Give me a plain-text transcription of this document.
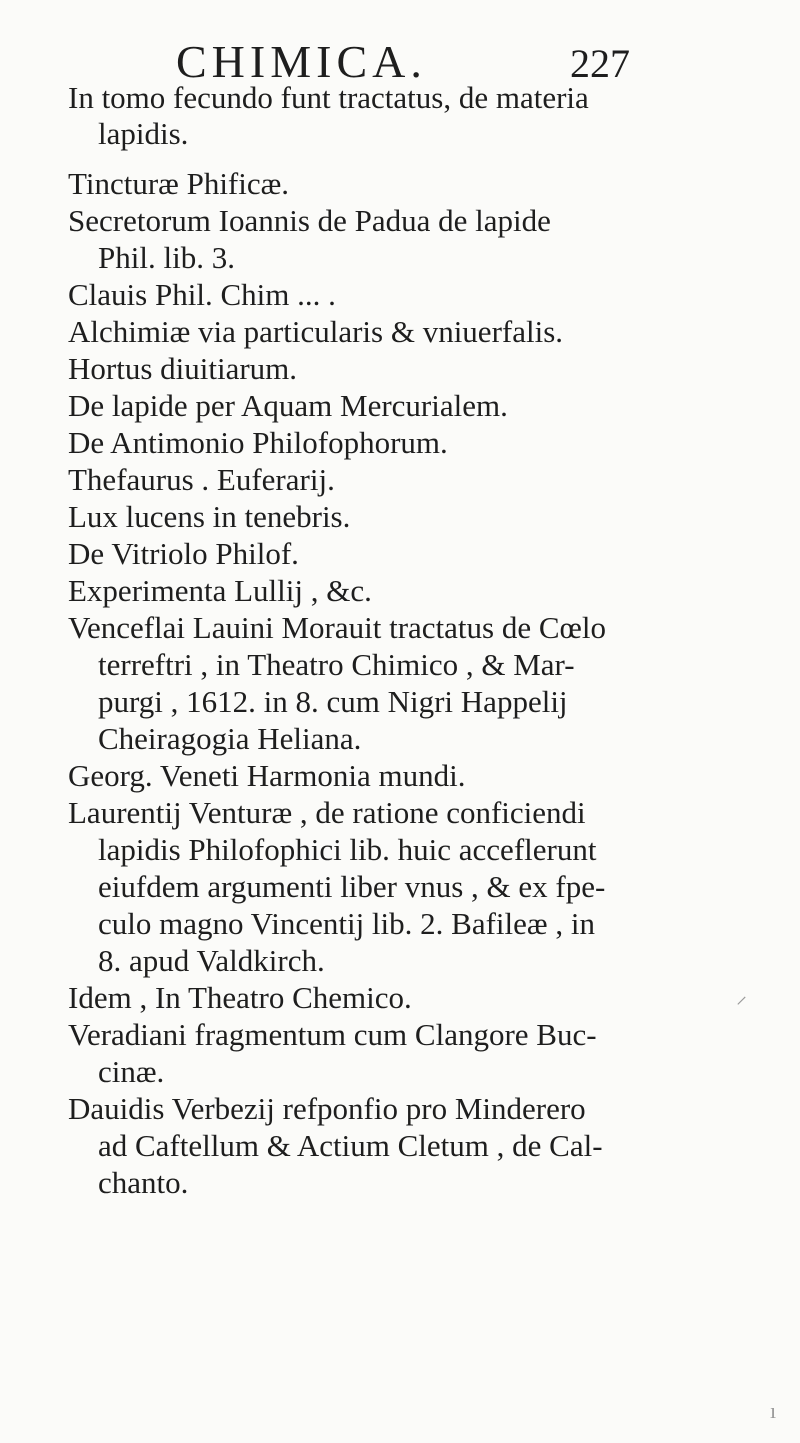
CHIMICA.	227
In tomo fecundo funt tractatus, de materia
lapidis.
Tincturæ Phificæ.
Secretorum Ioannis de Padua de lapide
Phil. lib. 3.
Clauis Phil. Chim ... .
Alchimiæ via particularis & vniuerfalis.
Hortus diuitiarum.
De lapide per Aquam Mercurialem.
De Antimonio Philofophorum.
Thefaurus . Euferarij.
Lux lucens in tenebris.
De Vitriolo Philof.
Experimenta Lullij , &c.
Venceflai Lauini Morauit tractatus de Cœlo
terreftri , in Theatro Chimico , & Mar-
purgi , 1612. in 8. cum Nigri Happelij
Cheiragogia Heliana.
Georg. Veneti Harmonia mundi.
Laurentij Venturæ , de ratione conficiendi
lapidis Philofophici lib. huic acceflerunt
eiufdem argumenti liber vnus , & ex fpe-
culo magno Vincentij lib. 2. Bafileæ , in
8. apud Valdkirch.
Idem , In Theatro Chemico.
Veradiani fragmentum cum Clangore Buc-
cinæ.
Dauidis Verbezij refponfio pro Minderero
ad Caftellum & Actium Cletum , de Cal-
chanto.
⸝
ı
